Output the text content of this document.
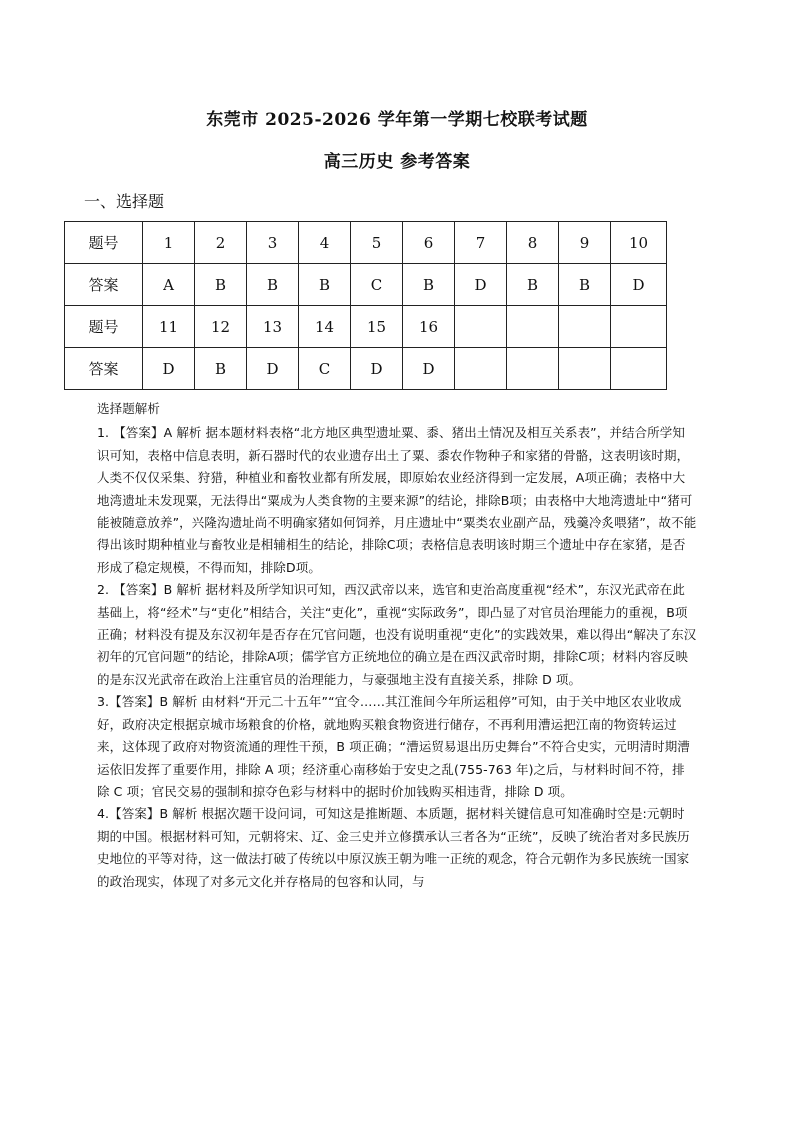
东莞市 2025-2026 学年第一学期七校联考试题
高三历史 参考答案
一、选择题
题号	1	2	3	4	5	6	7	8	9	10
答案	A	B	B	B	C	B	D	B	B	D
题号	11	12	13	14	15	16				
答案	D	B	D	C	D	D				

选择题解析

1. 【答案】A 解析 据本题材料表格“北方地区典型遗址粟、黍、猪出土情况及相互关系表”，并结合所学知识可知，表格中信息表明，新石器时代的农业遗存出土了粟、黍农作物种子和家猪的骨骼，这表明该时期，人类不仅仅采集、狩猎，种植业和畜牧业都有所发展，即原始农业经济得到一定发展，A项正确；表格中大地湾遗址未发现粟，无法得出“粟成为人类食物的主要来源”的结论，排除B项；由表格中大地湾遗址中“猪可能被随意放养”，兴隆沟遗址尚不明确家猪如何饲养，月庄遗址中“粟类农业副产品，残羹冷炙喂猪”，故不能得出该时期种植业与畜牧业是相辅相生的结论，排除C项；表格信息表明该时期三个遗址中存在家猪，是否形成了稳定规模，不得而知，排除D项。

2. 【答案】B 解析 据材料及所学知识可知，西汉武帝以来，选官和吏治高度重视“经术”，东汉光武帝在此基础上，将“经术”与“吏化”相结合，关注“吏化”，重视“实际政务”，即凸显了对官员治理能力的重视，B项正确；材料没有提及东汉初年是否存在冗官问题，也没有说明重视“吏化”的实践效果，难以得出“解决了东汉初年的冗官问题”的结论，排除A项；儒学官方正统地位的确立是在西汉武帝时期，排除C项；材料内容反映的是东汉光武帝在政治上注重官员的治理能力，与豪强地主没有直接关系，排除 D 项。

3.【答案】B 解析 由材料“开元二十五年”“宜令……其江淮间今年所运租停”可知，由于关中地区农业收成好，政府决定根据京城市场粮食的价格，就地购买粮食物资进行储存，不再利用漕运把江南的物资转运过来，这体现了政府对物资流通的理性干预，B 项正确；“漕运贸易退出历史舞台”不符合史实，元明清时期漕运依旧发挥了重要作用，排除 A 项；经济重心南移始于安史之乱(755-763 年)之后，与材料时间不符，排除 C 项；官民交易的强制和掠夺色彩与材料中的据时价加钱购买相违背，排除 D 项。

4.【答案】B 解析 根据次题干设问词，可知这是推断题、本质题，据材料关键信息可知准确时空是:元朝时期的中国。根据材料可知，元朝将宋、辽、金三史并立修撰承认三者各为“正统”，反映了统治者对多民族历史地位的平等对待，这一做法打破了传统以中原汉族王朝为唯一正统的观念，符合元朝作为多民族统一国家的政治现实，体现了对多元文化并存格局的包容和认同，与
